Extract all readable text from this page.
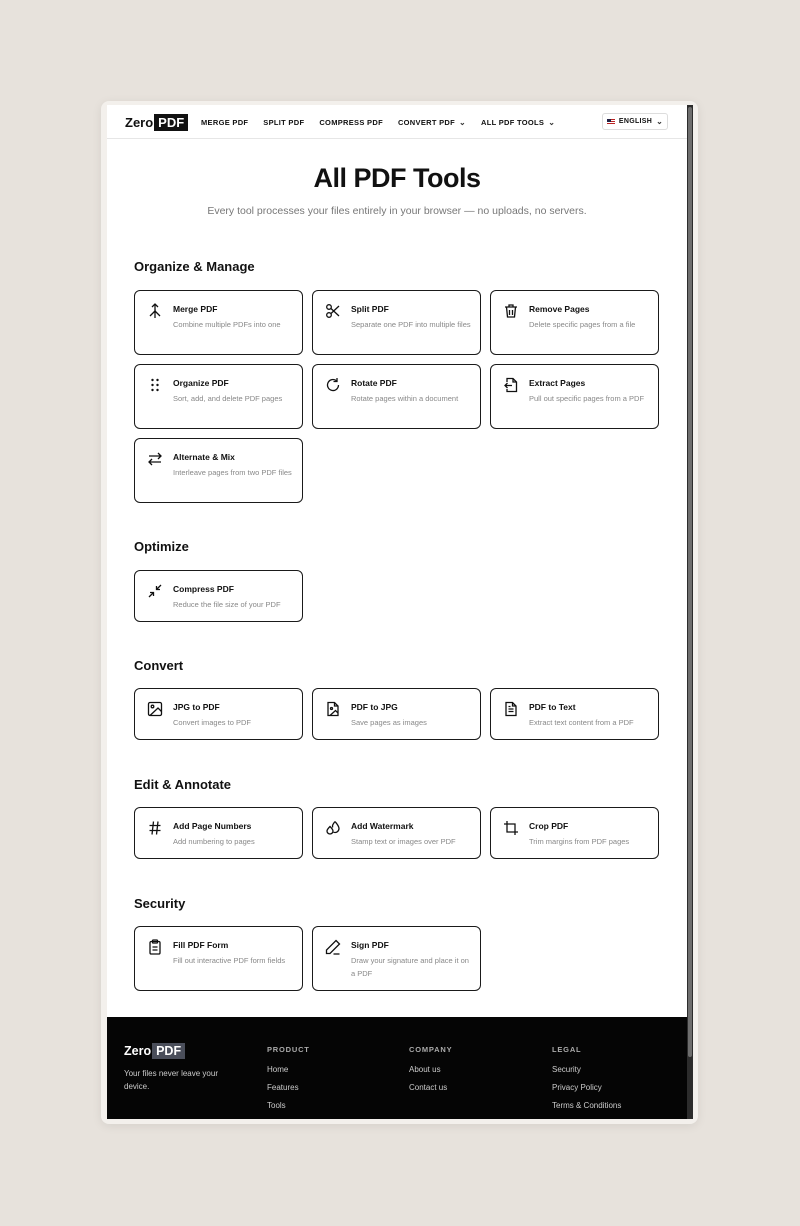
Zero PDF	MERGE PDF SPLIT PDF COMPRESS PDF CONVERT PDF ⌄ ALL PDF TOOLS ⌄	ENGLISH ⌄
All PDF Tools
Every tool processes your files entirely in your browser — no uploads, no servers.
Organize & Manage
Merge PDF
Combine multiple PDFs into one
Split PDF
Separate one PDF into multiple files
Remove Pages
Delete specific pages from a file
Organize PDF
Sort, add, and delete PDF pages
Rotate PDF
Rotate pages within a document
Extract Pages
Pull out specific pages from a PDF
Alternate & Mix
Interleave pages from two PDF files
Optimize
Compress PDF
Reduce the file size of your PDF
Convert
JPG to PDF
Convert images to PDF
PDF to JPG
Save pages as images
PDF to Text
Extract text content from a PDF
Edit & Annotate
Add Page Numbers
Add numbering to pages
Add Watermark
Stamp text or images over PDF
Crop PDF
Trim margins from PDF pages
Security
Fill PDF Form
Fill out interactive PDF form fields
Sign PDF
Draw your signature and place it on a PDF
Zero PDF
Your files never leave your device.
PRODUCT
Home
Features
Tools
COMPANY
About us
Contact us
LEGAL
Security
Privacy Policy
Terms & Conditions
